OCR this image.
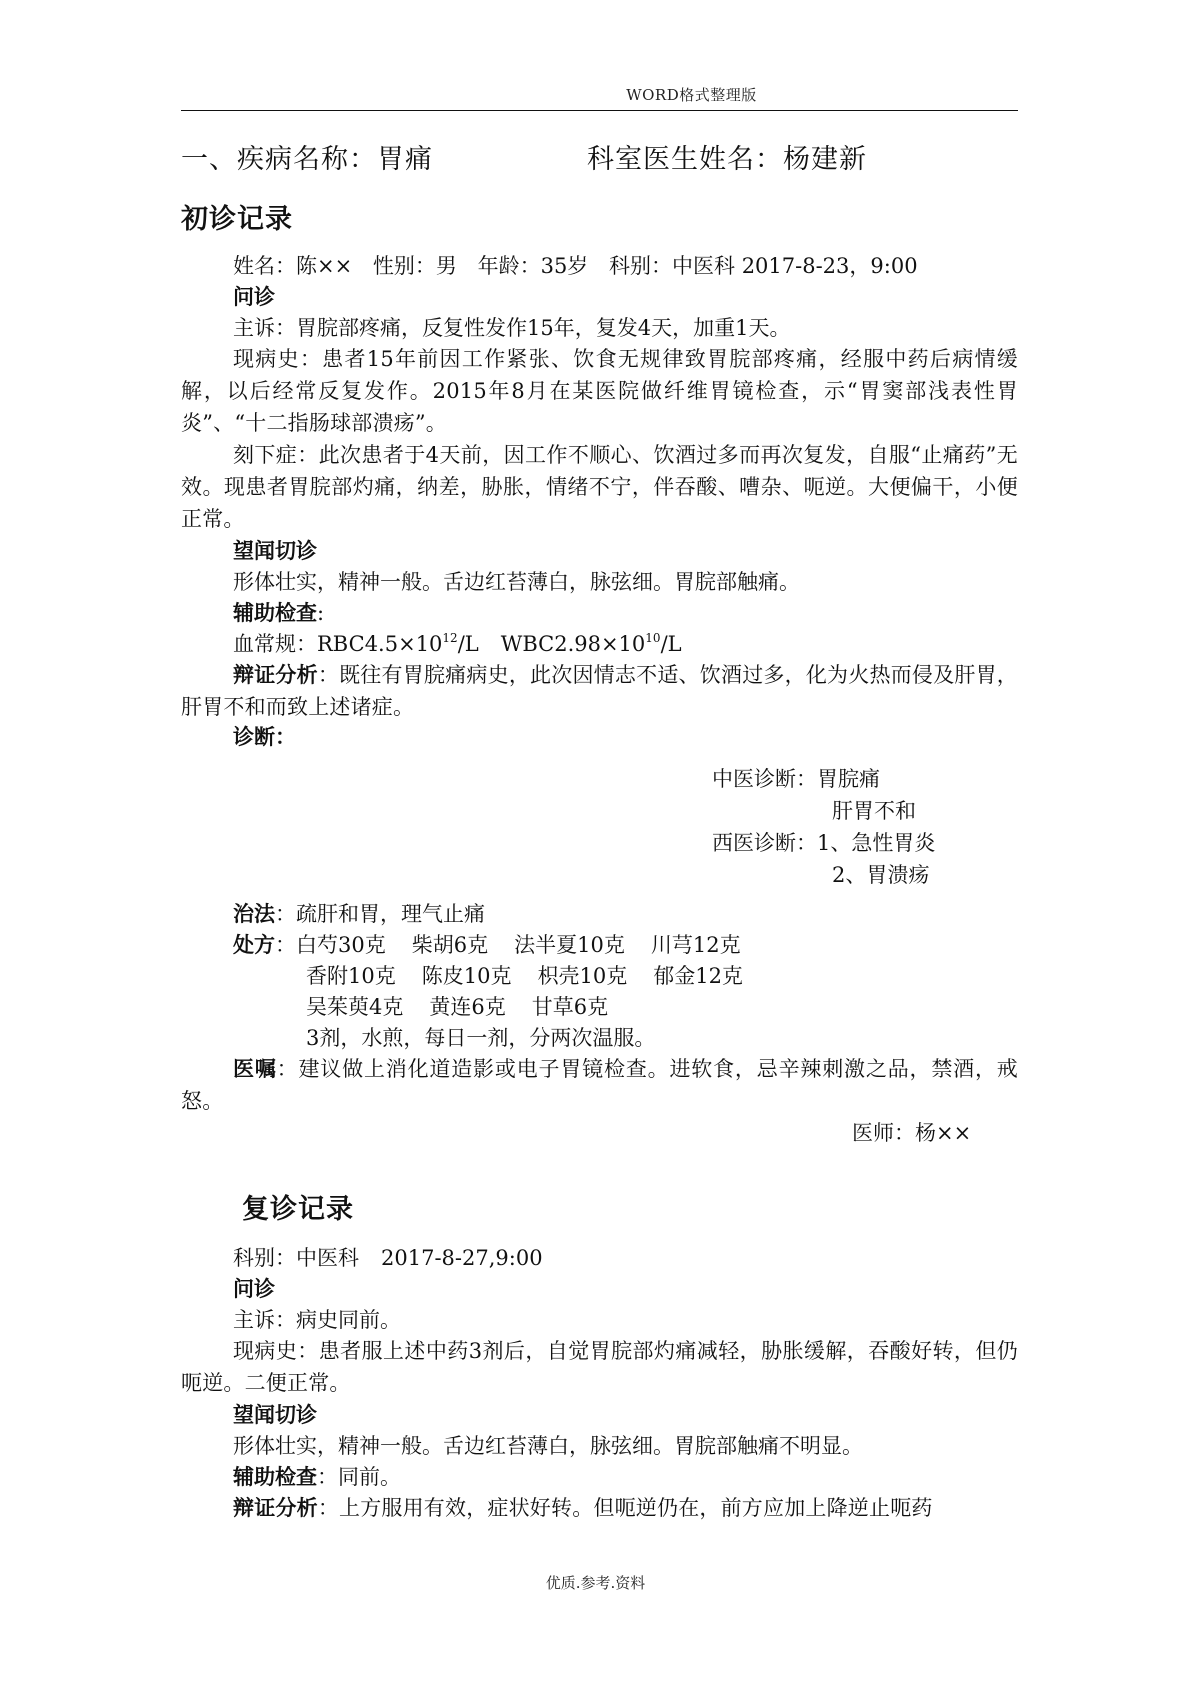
WORD格式整理版
一、疾病名称：胃痛	科室医生姓名：杨建新
初诊记录
姓名：陈×× 性别：男 年龄：35岁 科别：中医科 2017-8-23，9:00
问诊
主诉：胃脘部疼痛，反复性发作15年，复发4天，加重1天。
现病史：患者15年前因工作紧张、饮食无规律致胃脘部疼痛，经服中药后病情缓解，以后经常反复发作。2015年8月在某医院做纤维胃镜检查，示“胃窦部浅表性胃炎”、“十二指肠球部溃疡”。
刻下症：此次患者于4天前，因工作不顺心、饮酒过多而再次复发，自服“止痛药”无效。现患者胃脘部灼痛，纳差，胁胀，情绪不宁，伴吞酸、嘈杂、呃逆。大便偏干，小便正常。
望闻切诊
形体壮实，精神一般。舌边红苔薄白，脉弦细。胃脘部触痛。
辅助检查:
血常规：$RBC4.5\times 10^{12}/L$ $WBC2.98\times 10^{10}/L$
辩证分析：既往有胃脘痛病史，此次因情志不适、饮酒过多，化为火热而侵及肝胃，肝胃不和而致上述诸症。
诊断：
中医诊断：胃脘痛
肝胃不和
西医诊断：1、急性胃炎
2、胃溃疡
治法：疏肝和胃，理气止痛
处方：白芍30克 柴胡6克 法半夏10克 川芎12克
香附10克 陈皮10克 枳壳10克 郁金12克
吴茱萸4克 黄连6克 甘草6克
3剂，水煎，每日一剂，分两次温服。
医嘱：建议做上消化道造影或电子胃镜检查。进软食，忌辛辣刺激之品，禁酒，戒怒。
医师：杨××
复诊记录
科别：中医科 2017-8-27,9:00
问诊
主诉：病史同前。
现病史：患者服上述中药3剂后，自觉胃脘部灼痛减轻，胁胀缓解，吞酸好转，但仍呃逆。二便正常。
望闻切诊
形体壮实，精神一般。舌边红苔薄白，脉弦细。胃脘部触痛不明显。
辅助检查：同前。
辩证分析：上方服用有效，症状好转。但呃逆仍在，前方应加上降逆止呃药
优质.参考.资料
